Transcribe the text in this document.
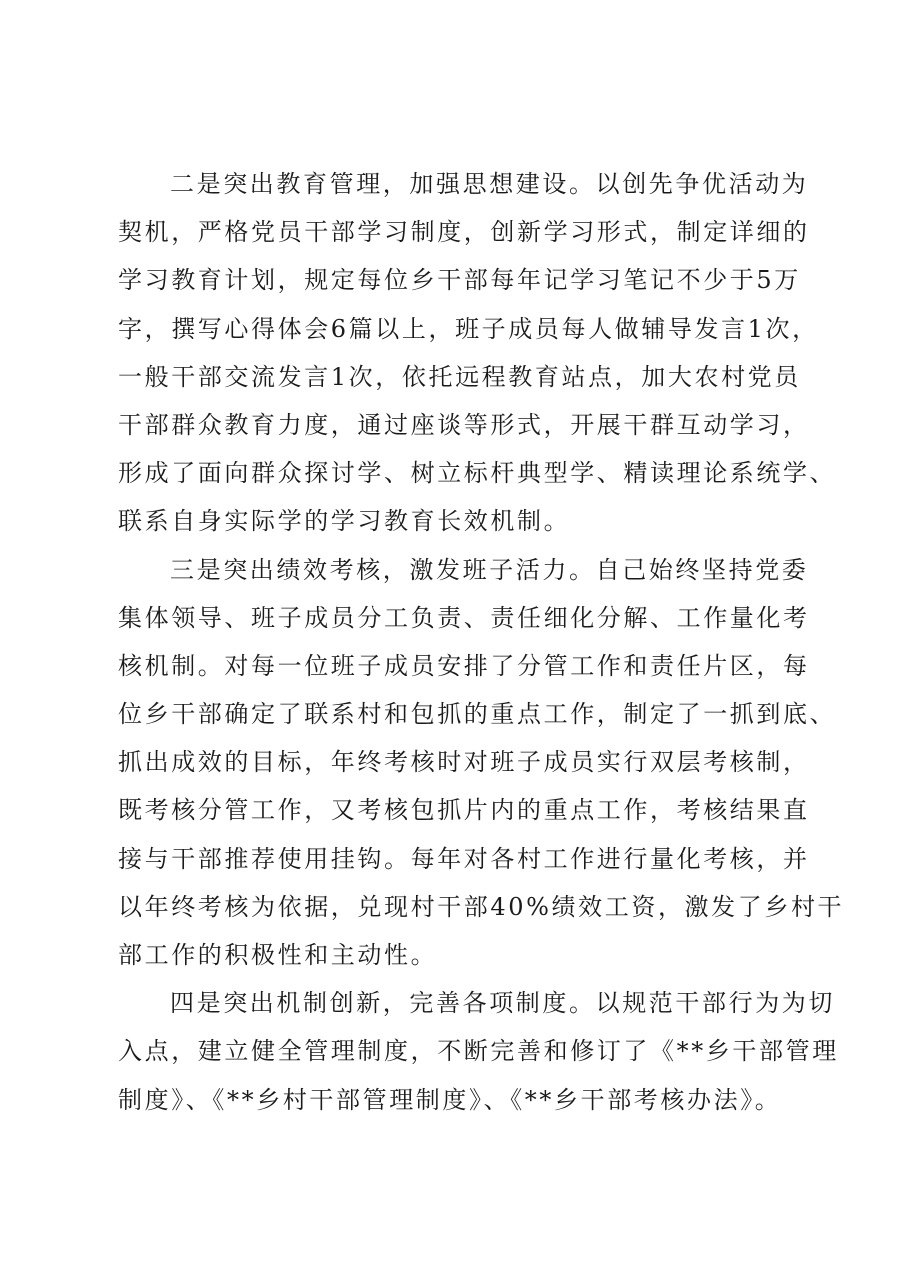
二是突出教育管理，加强思想建设。以创先争优活动为
契机，严格党员干部学习制度，创新学习形式，制定详细的
学习教育计划，规定每位乡干部每年记学习笔记不少于5万
字，撰写心得体会6篇以上，班子成员每人做辅导发言1次，
一般干部交流发言1次，依托远程教育站点，加大农村党员
干部群众教育力度，通过座谈等形式，开展干群互动学习，
形成了面向群众探讨学、树立标杆典型学、精读理论系统学、
联系自身实际学的学习教育长效机制。
三是突出绩效考核，激发班子活力。自己始终坚持党委
集体领导、班子成员分工负责、责任细化分解、工作量化考
核机制。对每一位班子成员安排了分管工作和责任片区，每
位乡干部确定了联系村和包抓的重点工作，制定了一抓到底、
抓出成效的目标，年终考核时对班子成员实行双层考核制，
既考核分管工作，又考核包抓片内的重点工作，考核结果直
接与干部推荐使用挂钩。每年对各村工作进行量化考核，并
以年终考核为依据，兑现村干部40%绩效工资，激发了乡村干
部工作的积极性和主动性。
四是突出机制创新，完善各项制度。以规范干部行为为切
入点，建立健全管理制度，不断完善和修订了《**乡干部管理
制度》、《**乡村干部管理制度》、《**乡干部考核办法》。
